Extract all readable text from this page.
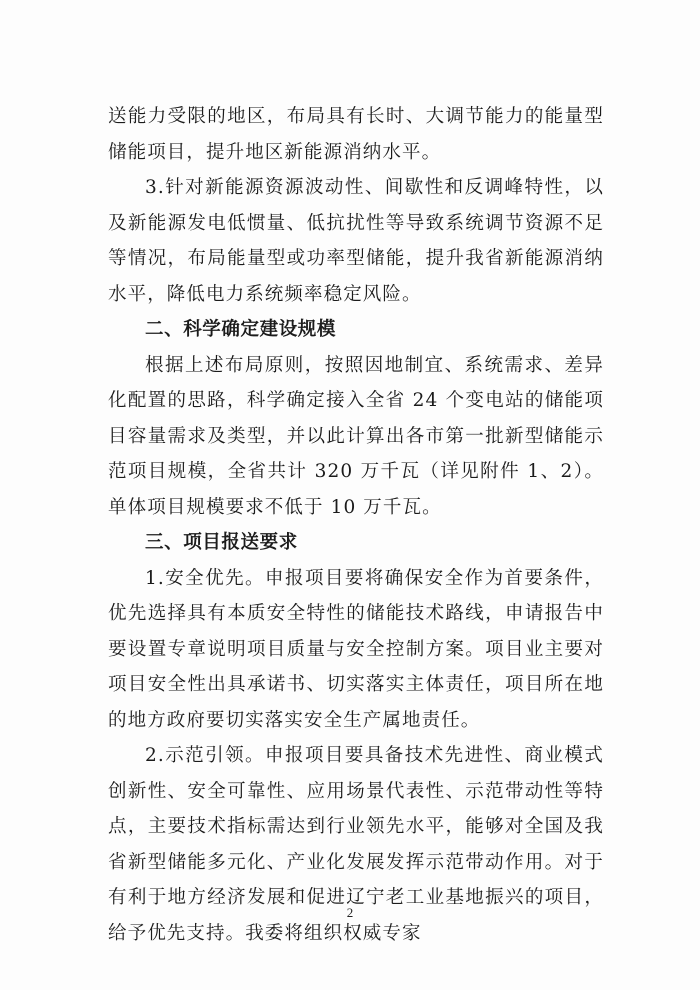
送能力受限的地区，布局具有长时、大调节能力的能量型储能项目，提升地区新能源消纳水平。

3.针对新能源资源波动性、间歇性和反调峰特性，以及新能源发电低惯量、低抗扰性等导致系统调节资源不足等情况，布局能量型或功率型储能，提升我省新能源消纳水平，降低电力系统频率稳定风险。

二、科学确定建设规模

根据上述布局原则，按照因地制宜、系统需求、差异化配置的思路，科学确定接入全省 24 个变电站的储能项目容量需求及类型，并以此计算出各市第一批新型储能示范项目规模，全省共计 320 万千瓦（详见附件 1、2）。单体项目规模要求不低于 10 万千瓦。

三、项目报送要求

1.安全优先。申报项目要将确保安全作为首要条件，优先选择具有本质安全特性的储能技术路线，申请报告中要设置专章说明项目质量与安全控制方案。项目业主要对项目安全性出具承诺书、切实落实主体责任，项目所在地的地方政府要切实落实安全生产属地责任。

2.示范引领。申报项目要具备技术先进性、商业模式创新性、安全可靠性、应用场景代表性、示范带动性等特点，主要技术指标需达到行业领先水平，能够对全国及我省新型储能多元化、产业化发展发挥示范带动作用。对于有利于地方经济发展和促进辽宁老工业基地振兴的项目，给予优先支持。我委将组织权威专家

2
